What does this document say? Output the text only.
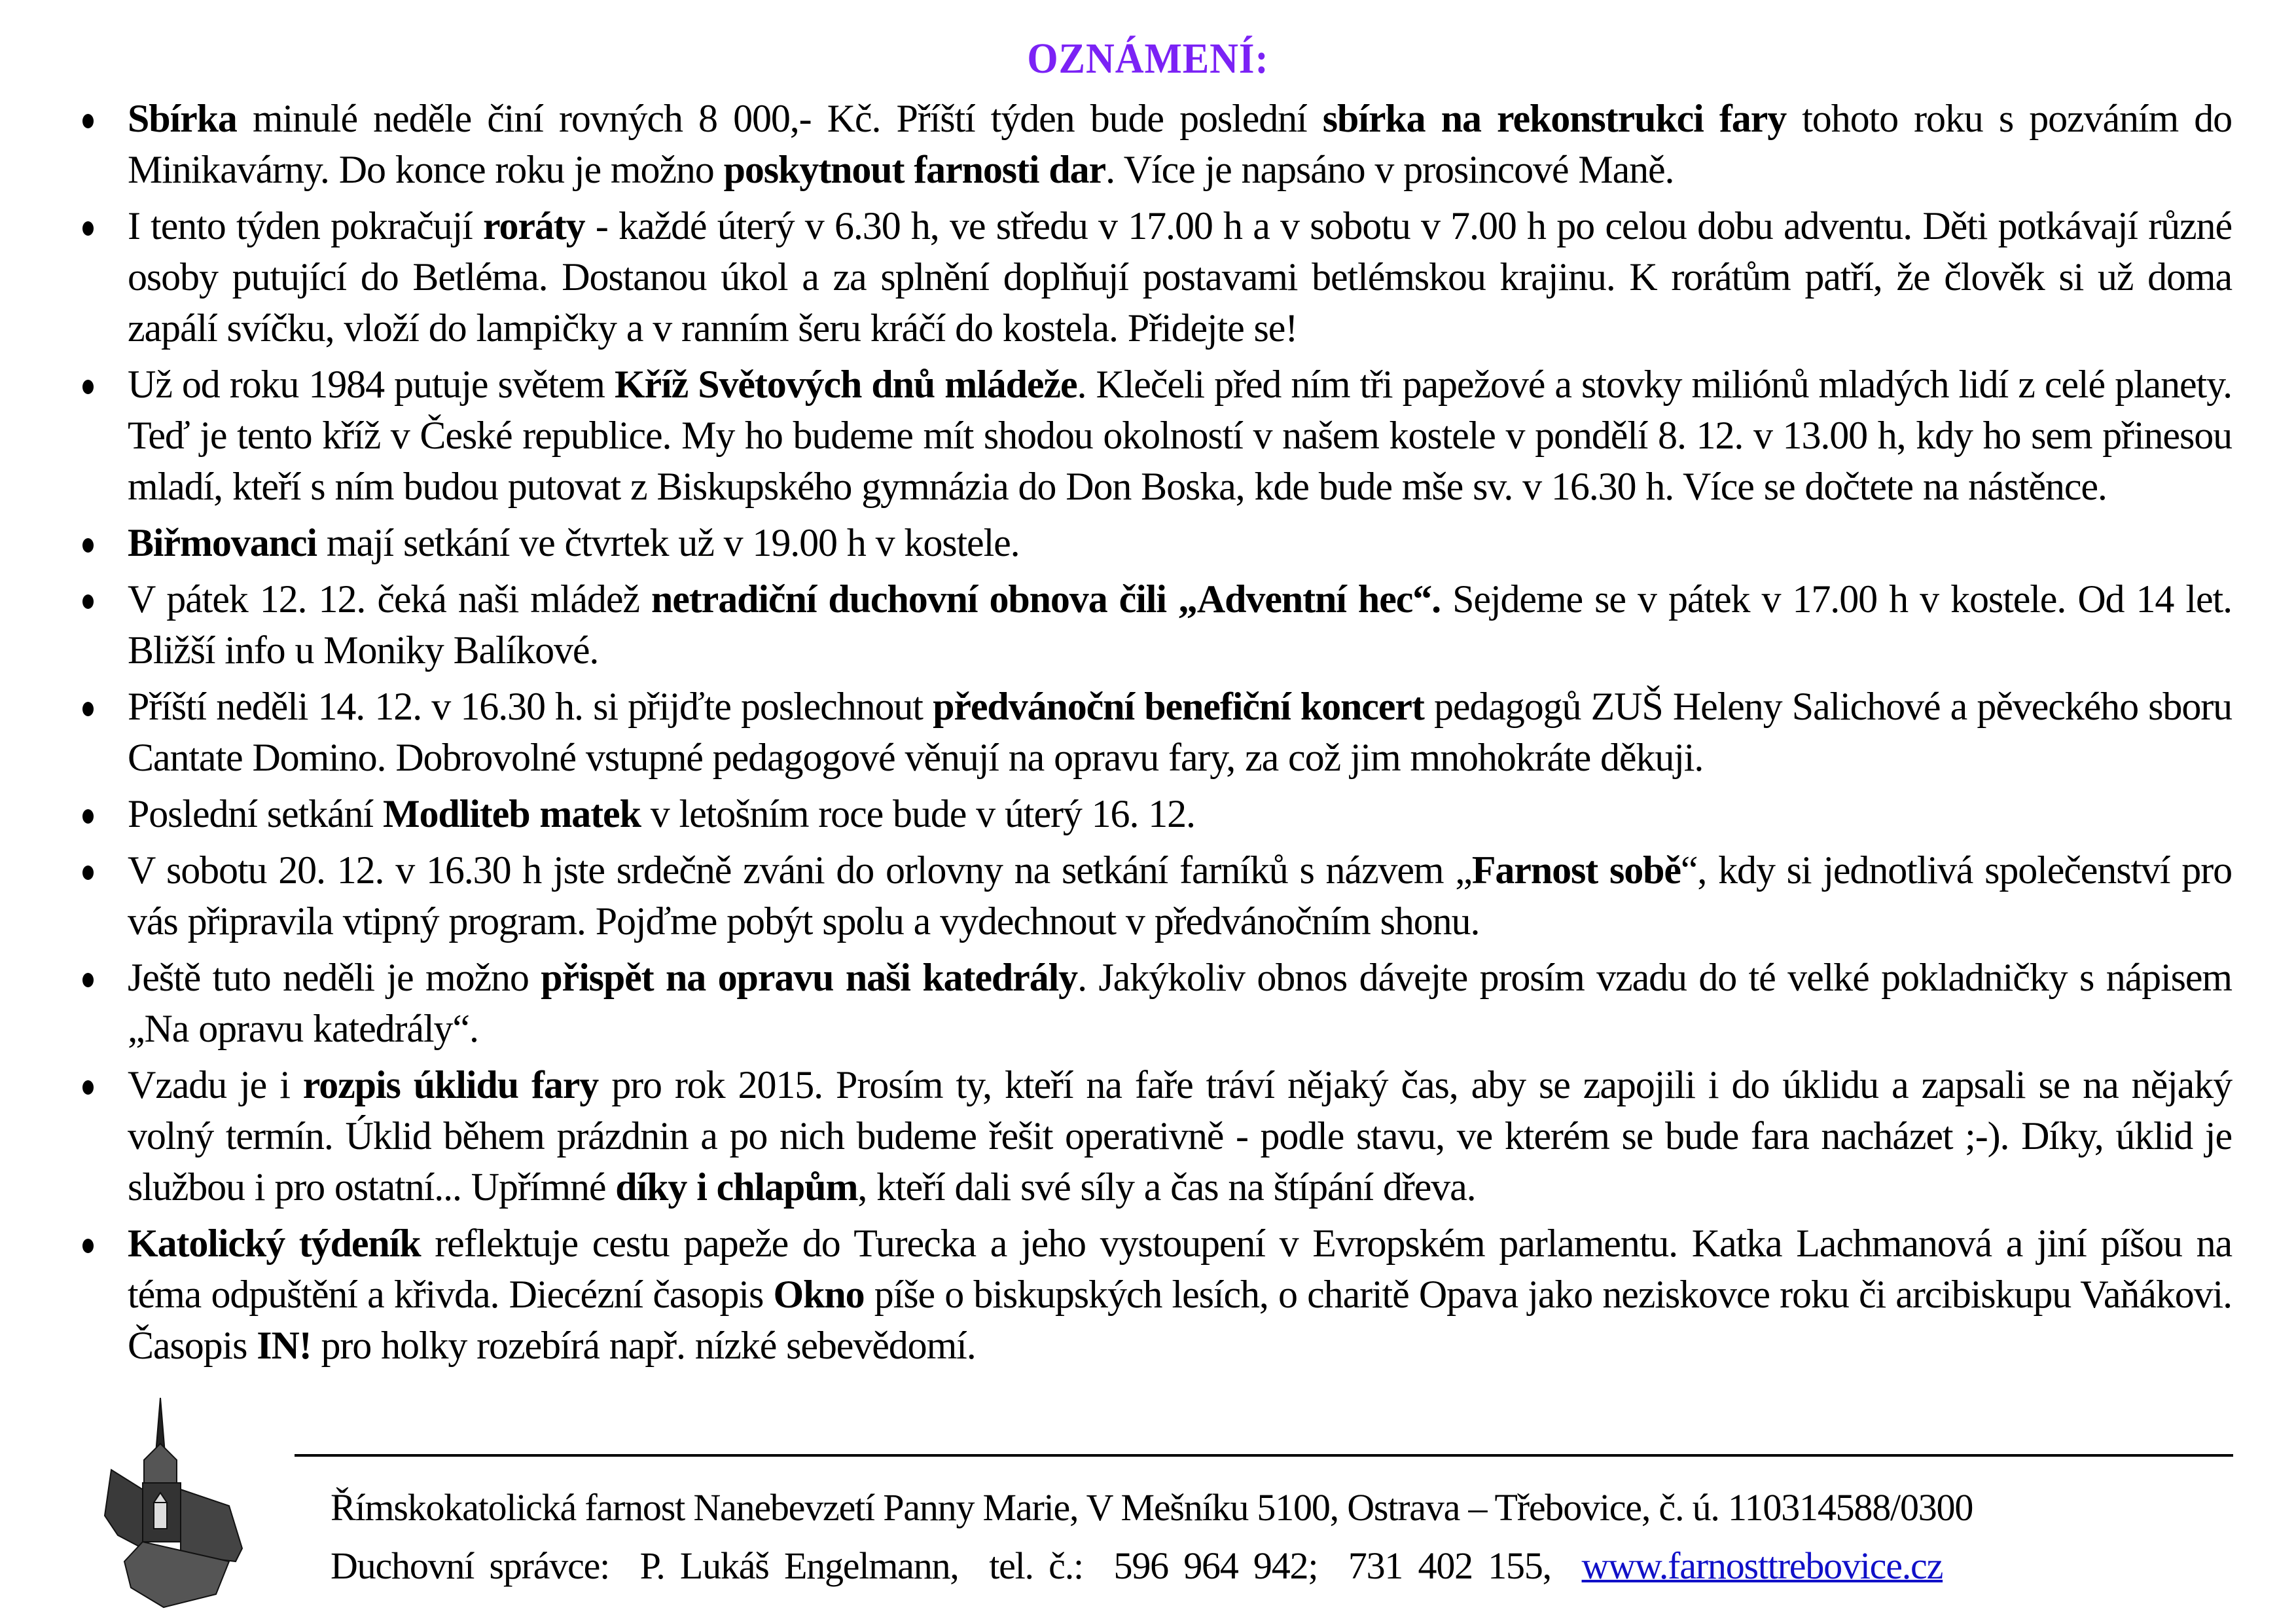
OZNÁMENÍ:
Sbírka minulé neděle činí rovných 8 000,- Kč. Příští týden bude poslední sbírka na rekonstrukci fary tohoto roku s pozváním do Minikavárny. Do konce roku je možno poskytnout farnosti dar. Více je napsáno v prosincové Maně.
I tento týden pokračují roráty - každé úterý v 6.30 h, ve středu v 17.00 h a v sobotu v 7.00 h po celou dobu adventu. Děti potkávají různé osoby putující do Betléma. Dostanou úkol a za splnění doplňují postavami betlémskou krajinu. K rorátům patří, že člověk si už doma zapálí svíčku, vloží do lampičky a v ranním šeru kráčí do kostela. Přidejte se!
Už od roku 1984 putuje světem Kříž Světových dnů mládeže. Klečeli před ním tři papežové a stovky miliónů mladých lidí z celé planety. Teď je tento kříž v České republice. My ho budeme mít shodou okolností v našem kostele v pondělí 8. 12. v 13.00 h, kdy ho sem přinesou mladí, kteří s ním budou putovat z Biskupského gymnázia do Don Boska, kde bude mše sv. v 16.30 h. Více se dočtete na nástěnce.
Biřmovanci mají setkání ve čtvrtek už v 19.00 h v kostele.
V pátek 12. 12. čeká naši mládež netradiční duchovní obnova čili „Adventní hec“. Sejdeme se v pátek v 17.00 h v kostele. Od 14 let. Bližší info u Moniky Balíkové.
Příští neděli 14. 12. v 16.30 h. si přijďte poslechnout předvánoční benefiční koncert pedagogů ZUŠ Heleny Salichové a pěveckého sboru Cantate Domino. Dobrovolné vstupné pedagogové věnují na opravu fary, za což jim mnohokráte děkuji.
Poslední setkání Modliteb matek v letošním roce bude v úterý 16. 12.
V sobotu 20. 12. v 16.30 h jste srdečně zváni do orlovny na setkání farníků s názvem „Farnost sobě“, kdy si jednotlivá společenství pro vás připravila vtipný program. Pojďme pobýt spolu a vydechnout v předvánočním shonu.
Ještě tuto neděli je možno přispět na opravu naši katedrály. Jakýkoliv obnos dávejte prosím vzadu do té velké pokladničky s nápisem „Na opravu katedrály“.
Vzadu je i rozpis úklidu fary pro rok 2015. Prosím ty, kteří na faře tráví nějaký čas, aby se zapojili i do úklidu a zapsali se na nějaký volný termín. Úklid během prázdnin a po nich budeme řešit operativně - podle stavu, ve kterém se bude fara nacházet ;-). Díky, úklid je službou i pro ostatní... Upřímné díky i chlapům, kteří dali své síly a čas na štípání dřeva.
Katolický týdeník reflektuje cestu papeže do Turecka a jeho vystoupení v Evropském parlamentu. Katka Lachmanová a jiní píšou na téma odpuštění a křivda. Diecézní časopis Okno píše o biskupských lesích, o charitě Opava jako neziskovce roku či arcibiskupu Vaňákovi. Časopis IN! pro holky rozebírá např. nízké sebevědomí.
Římskokatolická farnost Nanebevzetí Panny Marie, V Mešníku 5100, Ostrava – Třebovice, č. ú. 110314588/0300
Duchovní správce:  P. Lukáš Engelmann,  tel. č.:  596 964 942;  731 402 155,  www.farnosttrebovice.cz
